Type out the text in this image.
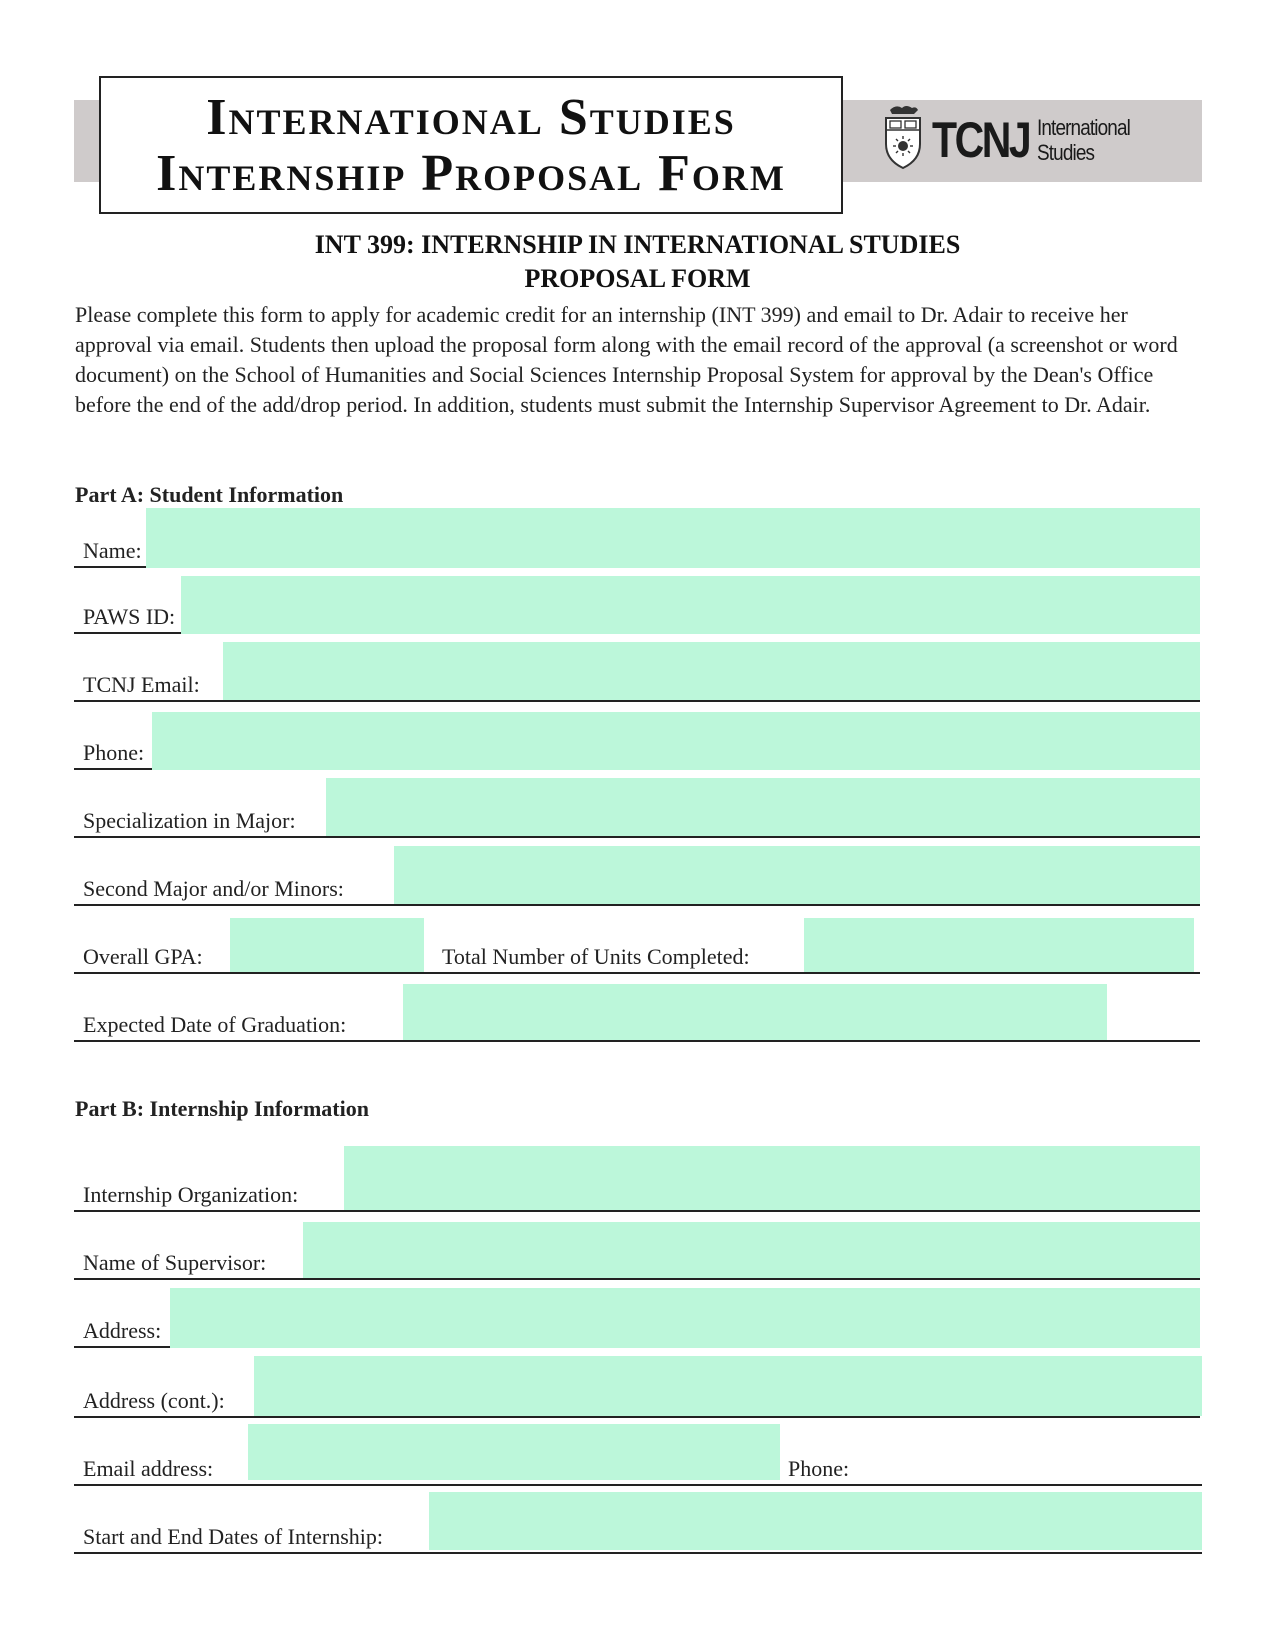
International Studies
Internship Proposal Form
TCNJ International
Studies
INT 399: INTERNSHIP IN INTERNATIONAL STUDIES
PROPOSAL FORM
Please complete this form to apply for academic credit for an internship (INT 399) and email to Dr. Adair to receive her approval via email. Students then upload the proposal form along with the email record of the approval (a screenshot or word document) on the School of Humanities and Social Sciences Internship Proposal System for approval by the Dean's Office before the end of the add/drop period. In addition, students must submit the Internship Supervisor Agreement to Dr. Adair.
Part A: Student Information
Name:
PAWS ID:
TCNJ Email:
Phone:
Specialization in Major:
Second Major and/or Minors:
Overall GPA:	Total Number of Units Completed:
Expected Date of Graduation:
Part B: Internship Information
Internship Organization:
Name of Supervisor:
Address:
Address (cont.):
Email address:	Phone:
Start and End Dates of Internship:
